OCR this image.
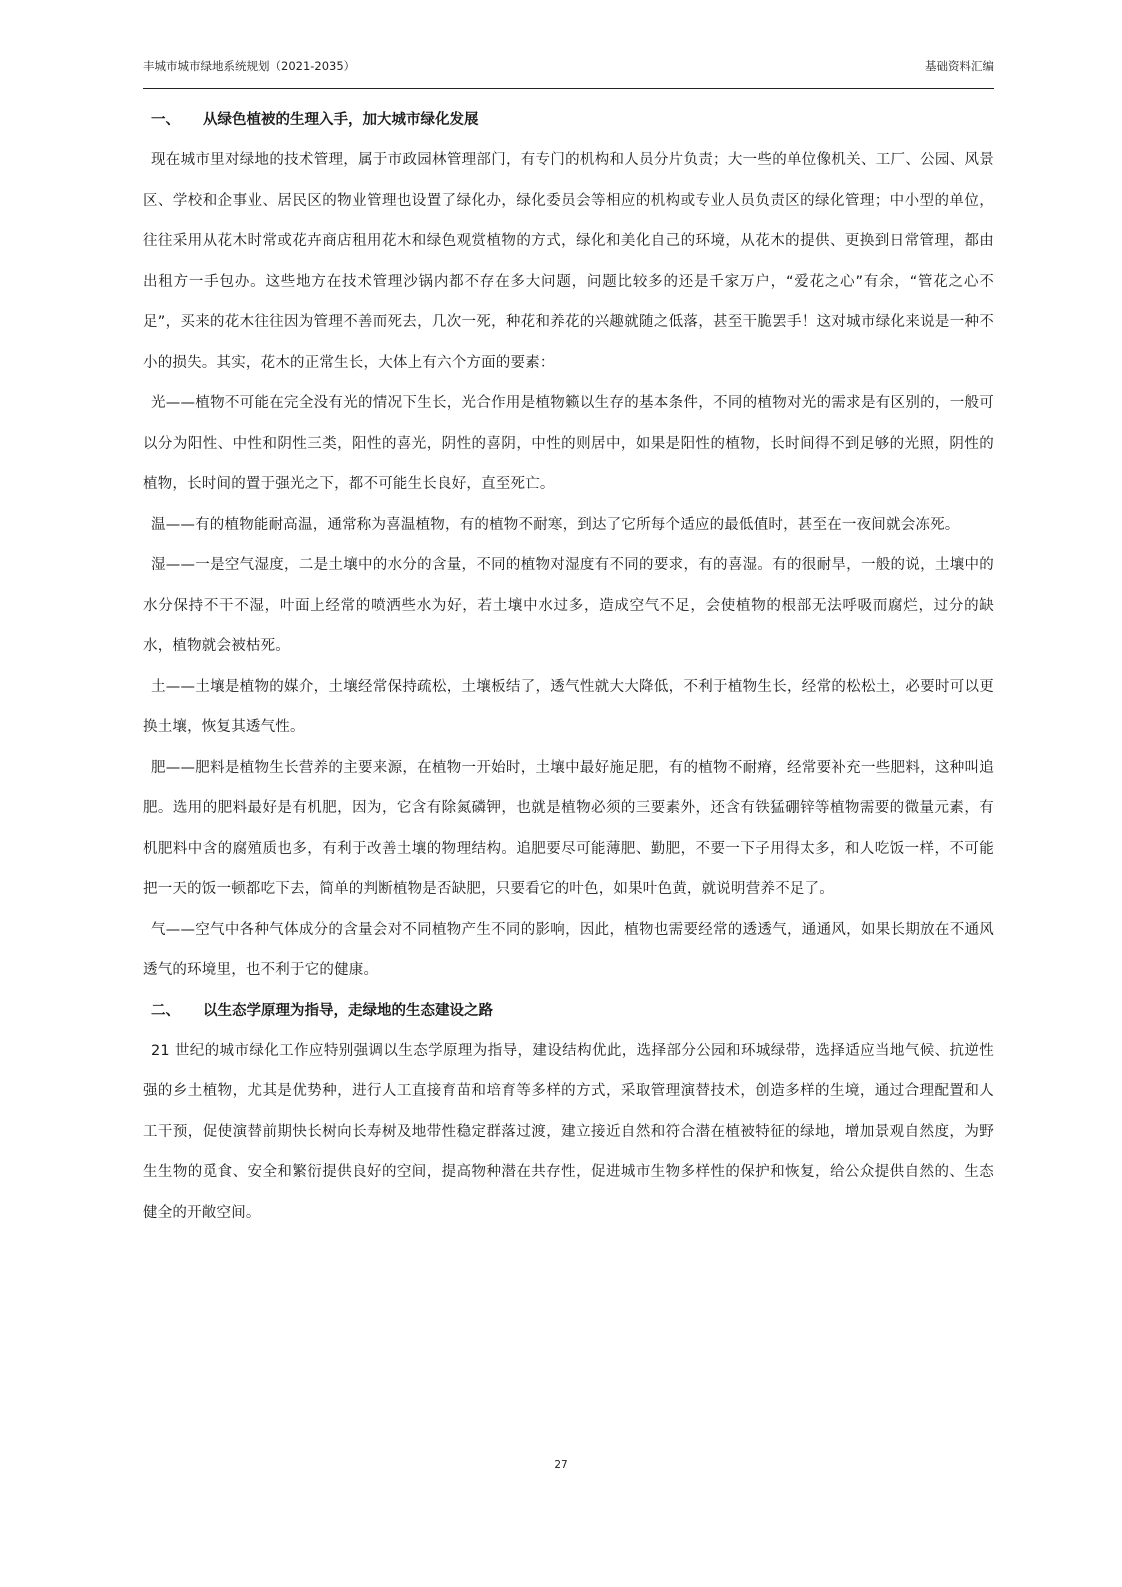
丰城市城市绿地系统规划（2021-2035）	基础资料汇编
一、 从绿色植被的生理入手，加大城市绿化发展

现在城市里对绿地的技术管理，属于市政园林管理部门，有专门的机构和人员分片负责；大一些的单位像机关、工厂、公园、风景区、学校和企事业、居民区的物业管理也设置了绿化办，绿化委员会等相应的机构或专业人员负责区的绿化管理；中小型的单位，往往采用从花木时常或花卉商店租用花木和绿色观赏植物的方式，绿化和美化自己的环境，从花木的提供、更换到日常管理，都由出租方一手包办。这些地方在技术管理沙锅内都不存在多大问题，问题比较多的还是千家万户，“爱花之心”有余，“管花之心不足”，买来的花木往往因为管理不善而死去，几次一死，种花和养花的兴趣就随之低落，甚至干脆罢手！这对城市绿化来说是一种不小的损失。其实，花木的正常生长，大体上有六个方面的要素：

光——植物不可能在完全没有光的情况下生长，光合作用是植物籁以生存的基本条件，不同的植物对光的需求是有区别的，一般可以分为阳性、中性和阴性三类，阳性的喜光，阴性的喜阴，中性的则居中，如果是阳性的植物，长时间得不到足够的光照，阴性的植物，长时间的置于强光之下，都不可能生长良好，直至死亡。

温——有的植物能耐高温，通常称为喜温植物，有的植物不耐寒，到达了它所每个适应的最低值时，甚至在一夜间就会冻死。

湿——一是空气湿度，二是土壤中的水分的含量，不同的植物对湿度有不同的要求，有的喜湿。有的很耐旱，一般的说，土壤中的水分保持不干不湿，叶面上经常的喷洒些水为好，若土壤中水过多，造成空气不足，会使植物的根部无法呼吸而腐烂，过分的缺水，植物就会被枯死。

土——土壤是植物的媒介，土壤经常保持疏松，土壤板结了，透气性就大大降低，不利于植物生长，经常的松松土，必要时可以更换土壤，恢复其透气性。

肥——肥料是植物生长营养的主要来源，在植物一开始时，土壤中最好施足肥，有的植物不耐瘠，经常要补充一些肥料，这种叫追肥。选用的肥料最好是有机肥，因为，它含有除氮磷钾，也就是植物必须的三要素外，还含有铁猛硼锌等植物需要的微量元素，有机肥料中含的腐殖质也多，有利于改善土壤的物理结构。追肥要尽可能薄肥、勤肥，不要一下子用得太多，和人吃饭一样，不可能把一天的饭一顿都吃下去，简单的判断植物是否缺肥，只要看它的叶色，如果叶色黄，就说明营养不足了。

气——空气中各种气体成分的含量会对不同植物产生不同的影响，因此，植物也需要经常的透透气，通通风，如果长期放在不通风透气的环境里，也不利于它的健康。

二、 以生态学原理为指导，走绿地的生态建设之路

21 世纪的城市绿化工作应特别强调以生态学原理为指导，建设结构优此，选择部分公园和环城绿带，选择适应当地气候、抗逆性强的乡土植物，尤其是优势种，进行人工直接育苗和培育等多样的方式，采取管理演替技术，创造多样的生境，通过合理配置和人工干预，促使演替前期快长树向长寿树及地带性稳定群落过渡，建立接近自然和符合潜在植被特征的绿地，增加景观自然度，为野生生物的觅食、安全和繁衍提供良好的空间，提高物种潜在共存性，促进城市生物多样性的保护和恢复，给公众提供自然的、生态健全的开敞空间。

27
